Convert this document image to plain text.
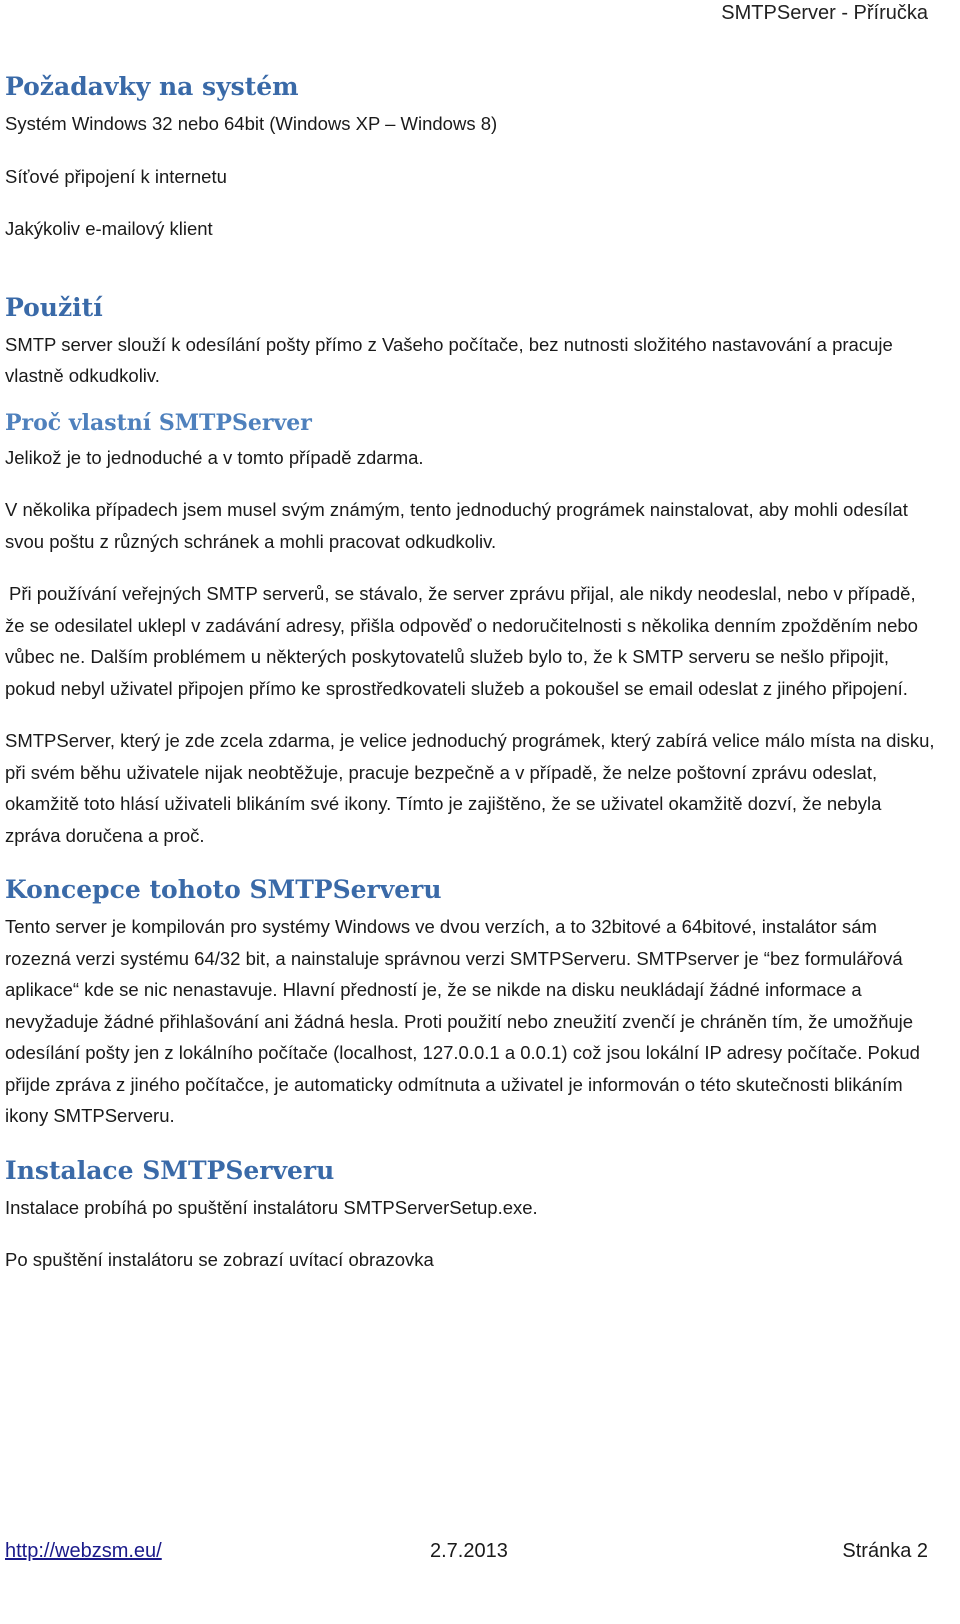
SMTPServer - Příručka
Požadavky na systém

Systém Windows 32 nebo 64bit (Windows XP – Windows 8)

Síťové připojení k internetu

Jakýkoliv e-mailový klient

Použití

SMTP server slouží k odesílání pošty přímo z Vašeho počítače, bez nutnosti složitého nastavování a pracuje vlastně odkudkoliv.

Proč vlastní SMTPServer

Jelikož je to jednoduché a v tomto případě zdarma.

V několika případech jsem musel svým známým, tento jednoduchý prográmek nainstalovat, aby mohli odesílat svou poštu z různých schránek a mohli pracovat odkudkoliv.

Při používání veřejných SMTP serverů, se stávalo, že server zprávu přijal, ale nikdy neodeslal, nebo v případě, že se odesilatel uklepl v zadávání adresy, přišla odpověď o nedoručitelnosti s několika denním zpožděním nebo vůbec ne. Dalším problémem u některých poskytovatelů služeb bylo to, že k SMTP serveru se nešlo připojit, pokud nebyl uživatel připojen přímo ke sprostředkovateli služeb a pokoušel se email odeslat z jiného připojení.

SMTPServer, který je zde zcela zdarma, je velice jednoduchý prográmek, který zabírá velice málo místa na disku, při svém běhu uživatele nijak neobtěžuje, pracuje bezpečně a v případě, že nelze poštovní zprávu odeslat, okamžitě toto hlásí uživateli blikáním své ikony. Tímto je zajištěno, že se uživatel okamžitě dozví, že nebyla zpráva doručena a proč.

Koncepce tohoto SMTPServeru

Tento server je kompilován pro systémy Windows ve dvou verzích, a to 32bitové a 64bitové, instalátor sám rozezná verzi systému 64/32 bit, a nainstaluje správnou verzi SMTPServeru. SMTPserver je “bez formulářová aplikace“ kde se nic nenastavuje. Hlavní předností je, že se nikde na disku neukládají žádné informace a nevyžaduje žádné přihlašování ani žádná hesla. Proti použití nebo zneužití zvenčí je chráněn tím, že umožňuje odesílání pošty jen z lokálního počítače (localhost, 127.0.0.1 a 0.0.1) což jsou lokální IP adresy počítače. Pokud přijde zpráva z jiného počítačce, je automaticky odmítnuta a uživatel je informován o této skutečnosti blikáním ikony SMTPServeru.

Instalace SMTPServeru

Instalace probíhá po spuštění instalátoru SMTPServerSetup.exe.

Po spuštění instalátoru se zobrazí uvítací obrazovka

http://webzsm.eu/	2.7.2013	Stránka 2
